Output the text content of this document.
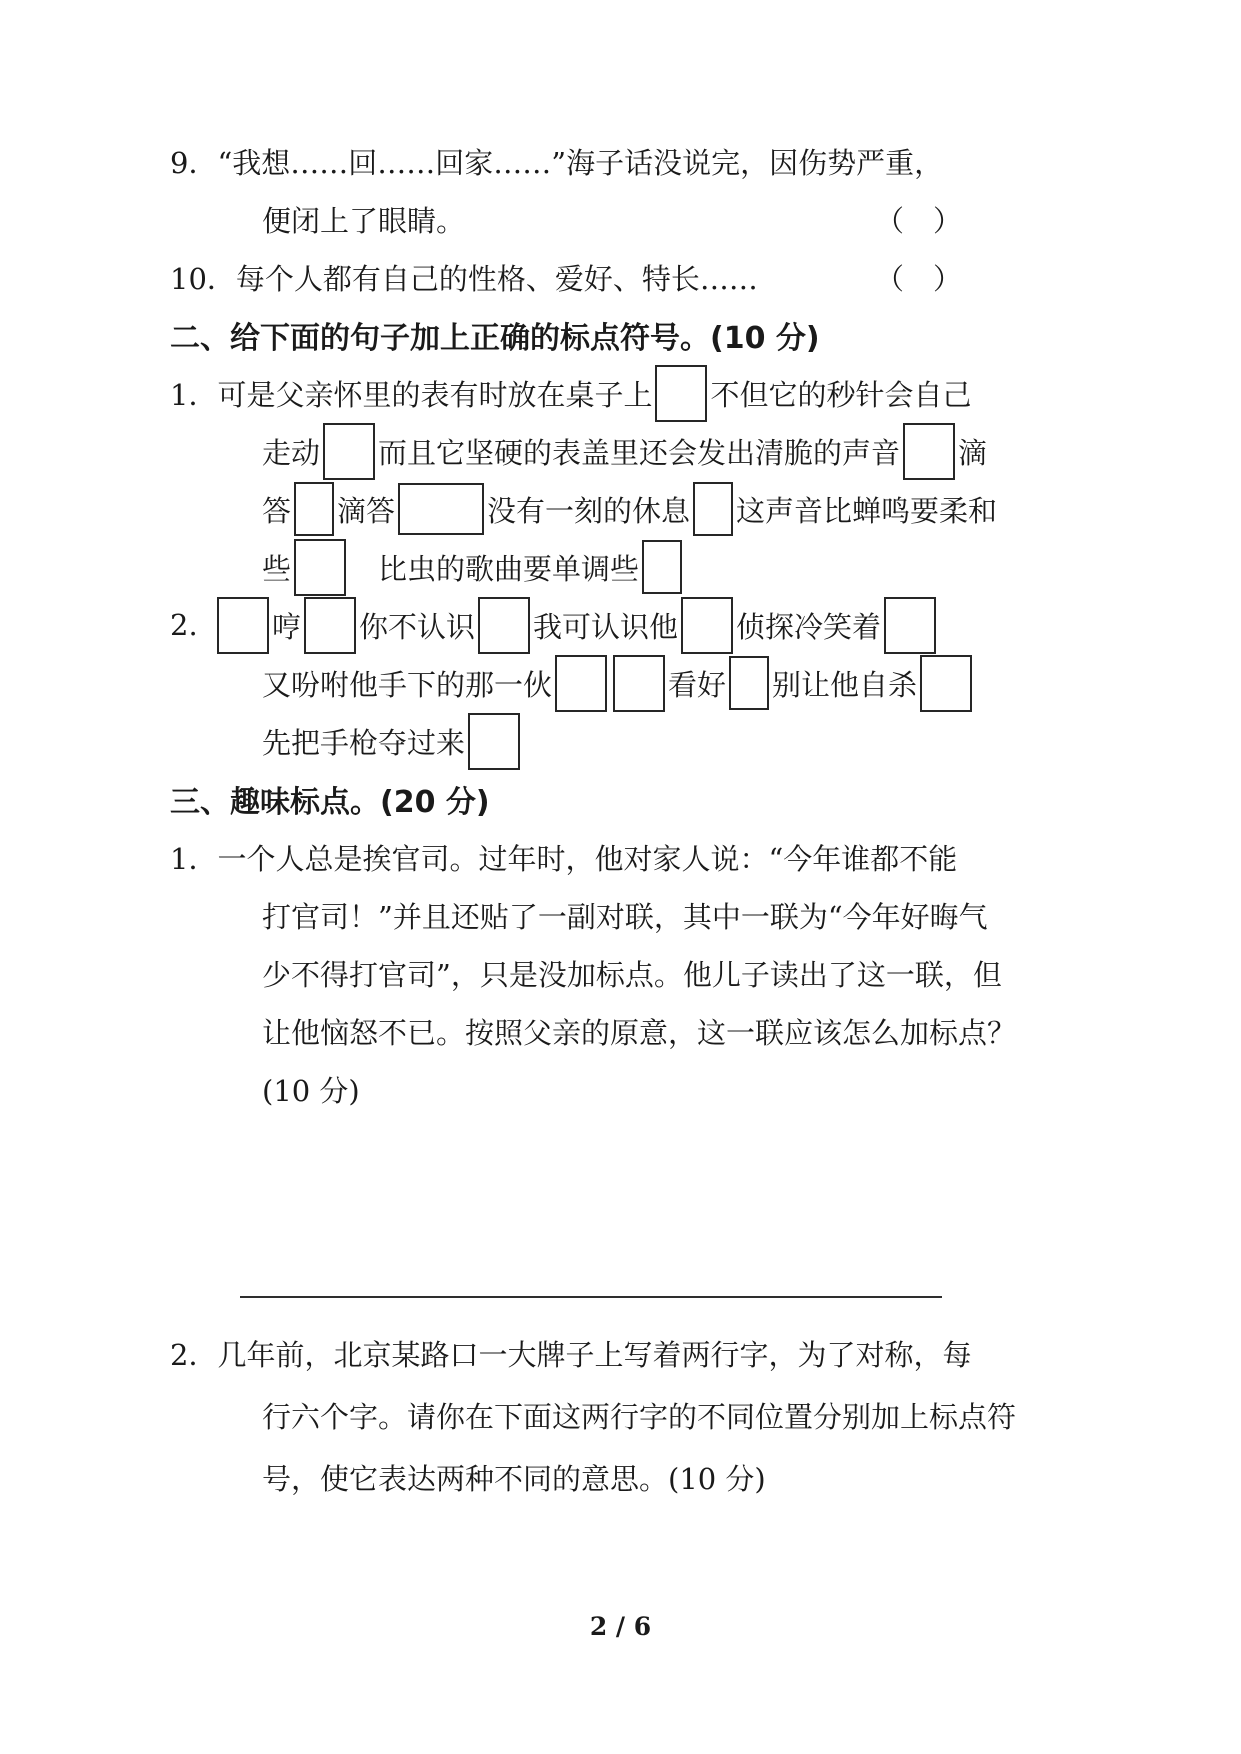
9． “我想……回……回家……”海子话没说完，因伤势严重，
便闭上了眼睛。	（　）
10． 每个人都有自己的性格、爱好、特长……	（　）
二、给下面的句子加上正确的标点符号。(10 分)
1． 可是父亲怀里的表有时放在桌子上 不但它的秒针会自己
走动 而且它坚硬的表盖里还会发出清脆的声音 滴
答 滴答	没有一刻的休息 这声音比蝉鸣要柔和
些 　比虫的歌曲要单调些
2.	哼 你不认识 我可认识他 侦探冷笑着
又吩咐他手下的那一伙	看好 别让他自杀
先把手枪夺过来
三、趣味标点。(20 分)
1． 一个人总是挨官司。过年时，他对家人说：“今年谁都不能
打官司！”并且还贴了一副对联，其中一联为“今年好晦气
少不得打官司”，只是没加标点。他儿子读出了这一联，但
让他恼怒不已。按照父亲的原意，这一联应该怎么加标点？
(10 分)
2． 几年前，北京某路口一大牌子上写着两行字，为了对称，每
行六个字。请你在下面这两行字的不同位置分别加上标点符
号，使它表达两种不同的意思。(10 分)
2 / 6
